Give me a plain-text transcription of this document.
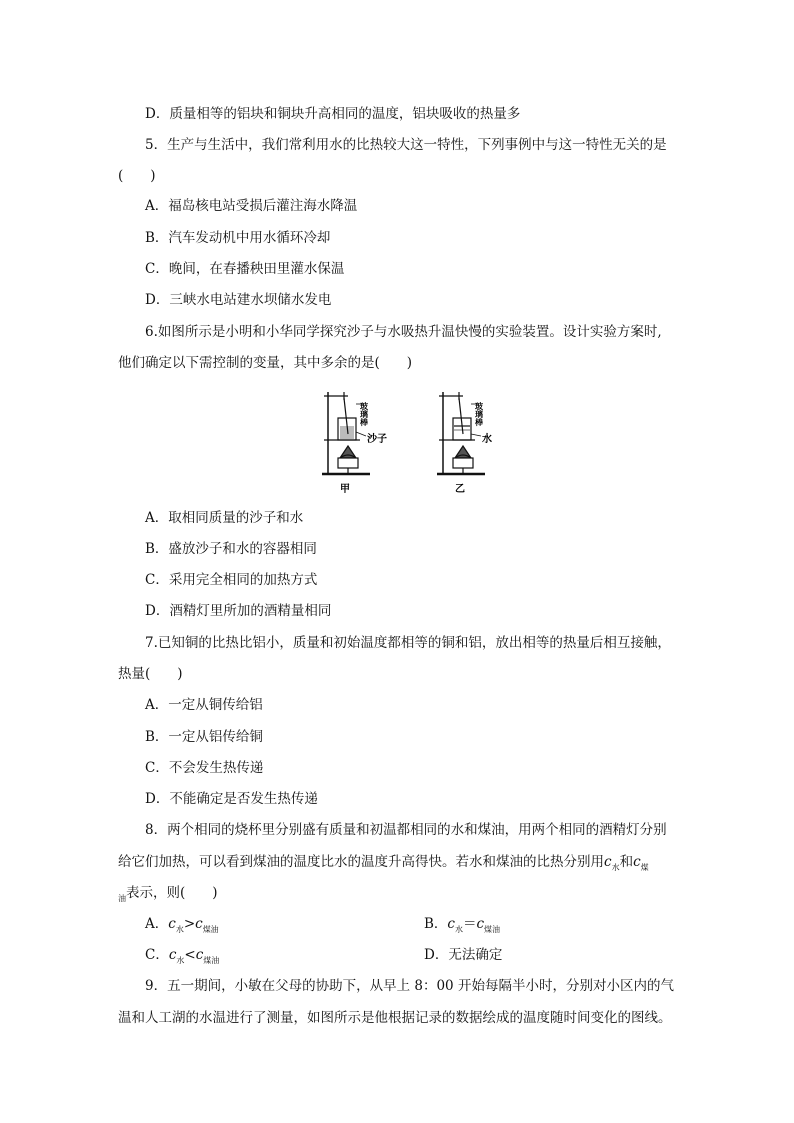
D．质量相等的铝块和铜块升高相同的温度，铝块吸收的热量多
5．生产与生活中，我们常利用水的比热较大这一特性，下列事例中与这一特性无关的是
(　　)
A．福岛核电站受损后灌注海水降温
B．汽车发动机中用水循环冷却
C．晚间，在春播秧田里灌水保温
D．三峡水电站建水坝储水发电
6.如图所示是小明和小华同学探究沙子与水吸热升温快慢的实验装置。设计实验方案时,
他们确定以下需控制的变量，其中多余的是(　　)
玻璃棒
沙子
甲
玻璃棒
水
乙
A．取相同质量的沙子和水
B．盛放沙子和水的容器相同
C．采用完全相同的加热方式
D．酒精灯里所加的酒精量相同
7.已知铜的比热比铝小，质量和初始温度都相等的铜和铝，放出相等的热量后相互接触，
热量(　　)
A．一定从铜传给铝
B．一定从铝传给铜
C．不会发生热传递
D．不能确定是否发生热传递
8．两个相同的烧杯里分别盛有质量和初温都相同的水和煤油，用两个相同的酒精灯分别
给它们加热，可以看到煤油的温度比水的温度升高得快。若水和煤油的比热分别用$c_水$和$c_煤$
$_油$表示，则(　　)
A．$c_水>c_{煤油}$	B．$c_水=c_{煤油}$
C．$c_水<c_{煤油}$	D．无法确定
9．五一期间，小敏在父母的协助下，从早上 8：00 开始每隔半小时，分别对小区内的气
温和人工湖的水温进行了测量，如图所示是他根据记录的数据绘成的温度随时间变化的图线。
